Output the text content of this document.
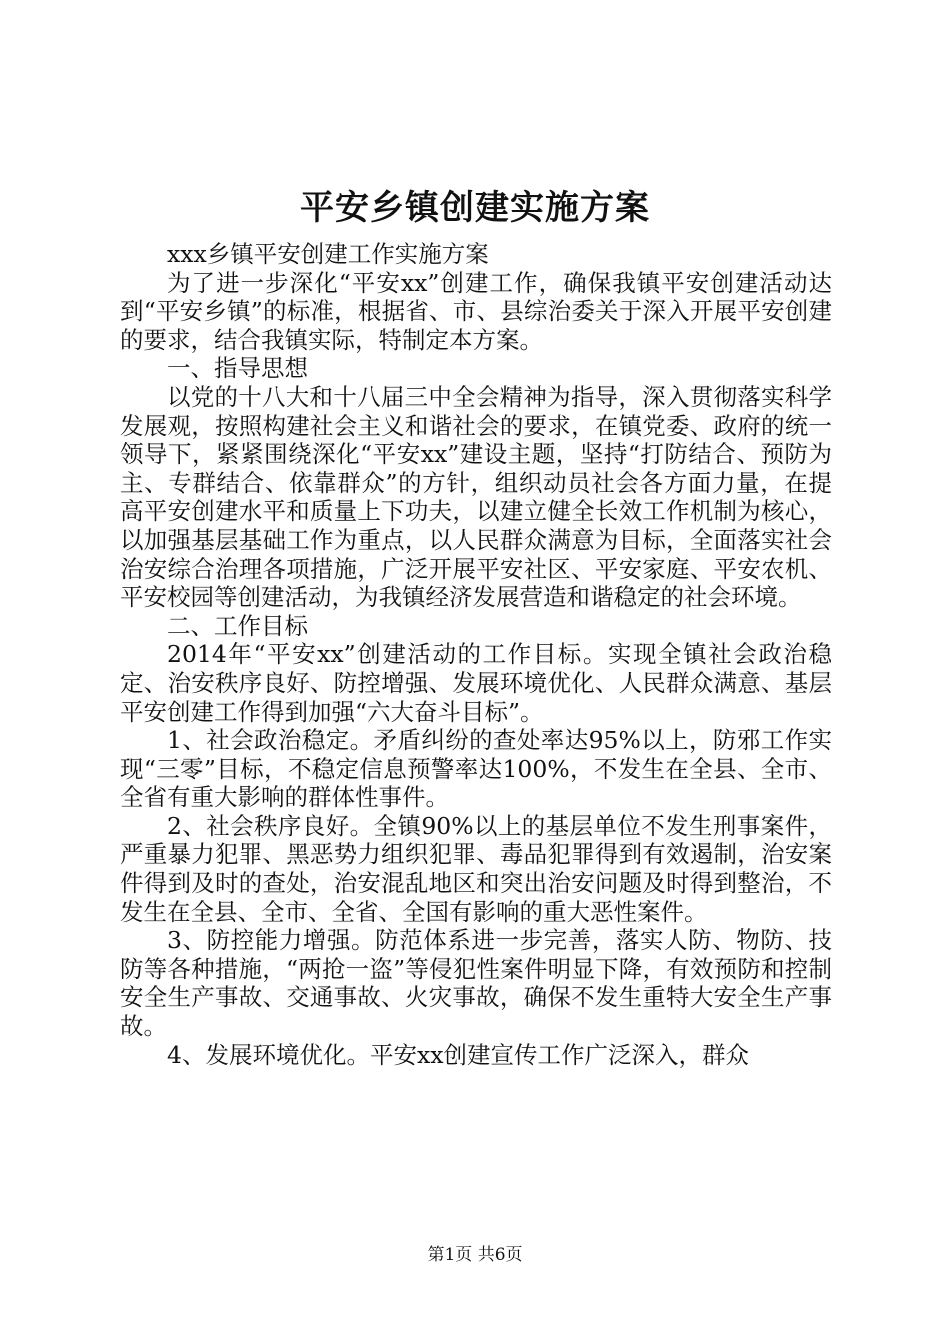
平安乡镇创建实施方案

xxx乡镇平安创建工作实施方案

为了进一步深化“平安xx”创建工作，确保我镇平安创建活动达到“平安乡镇”的标准，根据省、市、县综治委关于深入开展平安创建的要求，结合我镇实际，特制定本方案。

一、指导思想

以党的十八大和十八届三中全会精神为指导，深入贯彻落实科学发展观，按照构建社会主义和谐社会的要求，在镇党委、政府的统一领导下，紧紧围绕深化“平安xx”建设主题，坚持“打防结合、预防为主、专群结合、依靠群众”的方针，组织动员社会各方面力量，在提高平安创建水平和质量上下功夫，以建立健全长效工作机制为核心，以加强基层基础工作为重点，以人民群众满意为目标，全面落实社会治安综合治理各项措施，广泛开展平安社区、平安家庭、平安农机、平安校园等创建活动，为我镇经济发展营造和谐稳定的社会环境。

二、工作目标

2014年“平安xx”创建活动的工作目标。实现全镇社会政治稳定、治安秩序良好、防控增强、发展环境优化、人民群众满意、基层平安创建工作得到加强“六大奋斗目标”。

1、社会政治稳定。矛盾纠纷的查处率达95%以上，防邪工作实现“三零”目标，不稳定信息预警率达100%，不发生在全县、全市、全省有重大影响的群体性事件。

2、社会秩序良好。全镇90%以上的基层单位不发生刑事案件，严重暴力犯罪、黑恶势力组织犯罪、毒品犯罪得到有效遏制，治安案件得到及时的查处，治安混乱地区和突出治安问题及时得到整治，不发生在全县、全市、全省、全国有影响的重大恶性案件。

3、防控能力增强。防范体系进一步完善，落实人防、物防、技防等各种措施，“两抢一盗”等侵犯性案件明显下降，有效预防和控制安全生产事故、交通事故、火灾事故，确保不发生重特大安全生产事故。

4、发展环境优化。平安xx创建宣传工作广泛深入，群众

第1页 共6页
